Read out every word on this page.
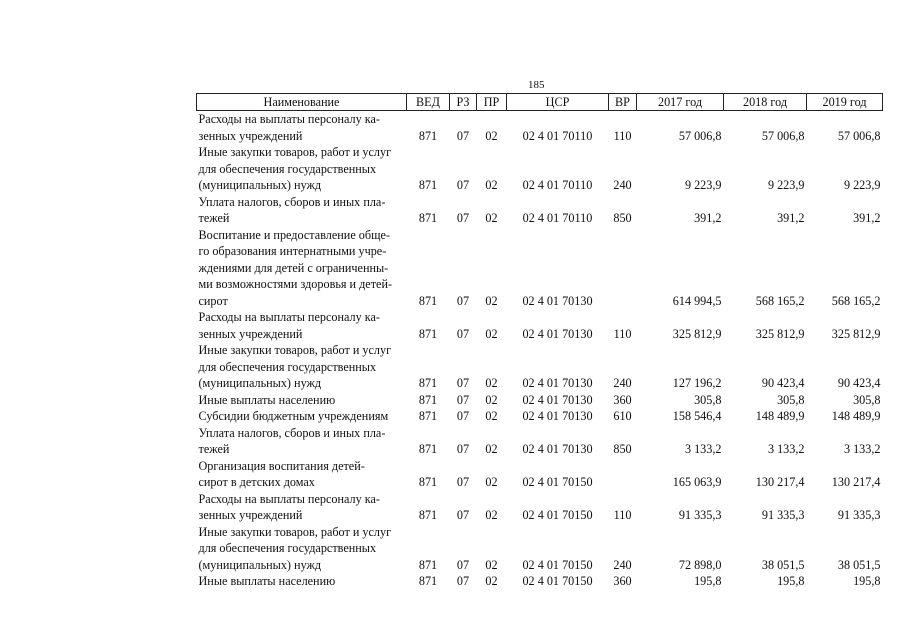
185
Наименование	ВЕД	РЗ	ПР	ЦСР	ВР	2017 год	2018 год	2019 год

Расходы на выплаты персоналу ка-
зенных учреждений	871	07	02	02 4 01 70110	110	57 006,8	57 006,8	57 006,8

Иные закупки товаров, работ и услуг
для обеспечения государственных
(муниципальных) нужд	871	07	02	02 4 01 70110	240	9 223,9	9 223,9	9 223,9

Уплата налогов, сборов и иных пла-
тежей	871	07	02	02 4 01 70110	850	391,2	391,2	391,2

Воспитание и предоставление обще-
го образования интернатными учре-
ждениями для детей с ограниченны-
ми возможностями здоровья и детей-
сирот	871	07	02	02 4 01 70130		614 994,5	568 165,2	568 165,2

Расходы на выплаты персоналу ка-
зенных учреждений	871	07	02	02 4 01 70130	110	325 812,9	325 812,9	325 812,9

Иные закупки товаров, работ и услуг
для обеспечения государственных
(муниципальных) нужд	871	07	02	02 4 01 70130	240	127 196,2	90 423,4	90 423,4

Иные выплаты населению	871	07	02	02 4 01 70130	360	305,8	305,8	305,8

Субсидии бюджетным учреждениям	871	07	02	02 4 01 70130	610	158 546,4	148 489,9	148 489,9

Уплата налогов, сборов и иных пла-
тежей	871	07	02	02 4 01 70130	850	3 133,2	3 133,2	3 133,2

Организация воспитания детей-
сирот в детских домах	871	07	02	02 4 01 70150		165 063,9	130 217,4	130 217,4

Расходы на выплаты персоналу ка-
зенных учреждений	871	07	02	02 4 01 70150	110	91 335,3	91 335,3	91 335,3

Иные закупки товаров, работ и услуг
для обеспечения государственных
(муниципальных) нужд	871	07	02	02 4 01 70150	240	72 898,0	38 051,5	38 051,5

Иные выплаты населению	871	07	02	02 4 01 70150	360	195,8	195,8	195,8
